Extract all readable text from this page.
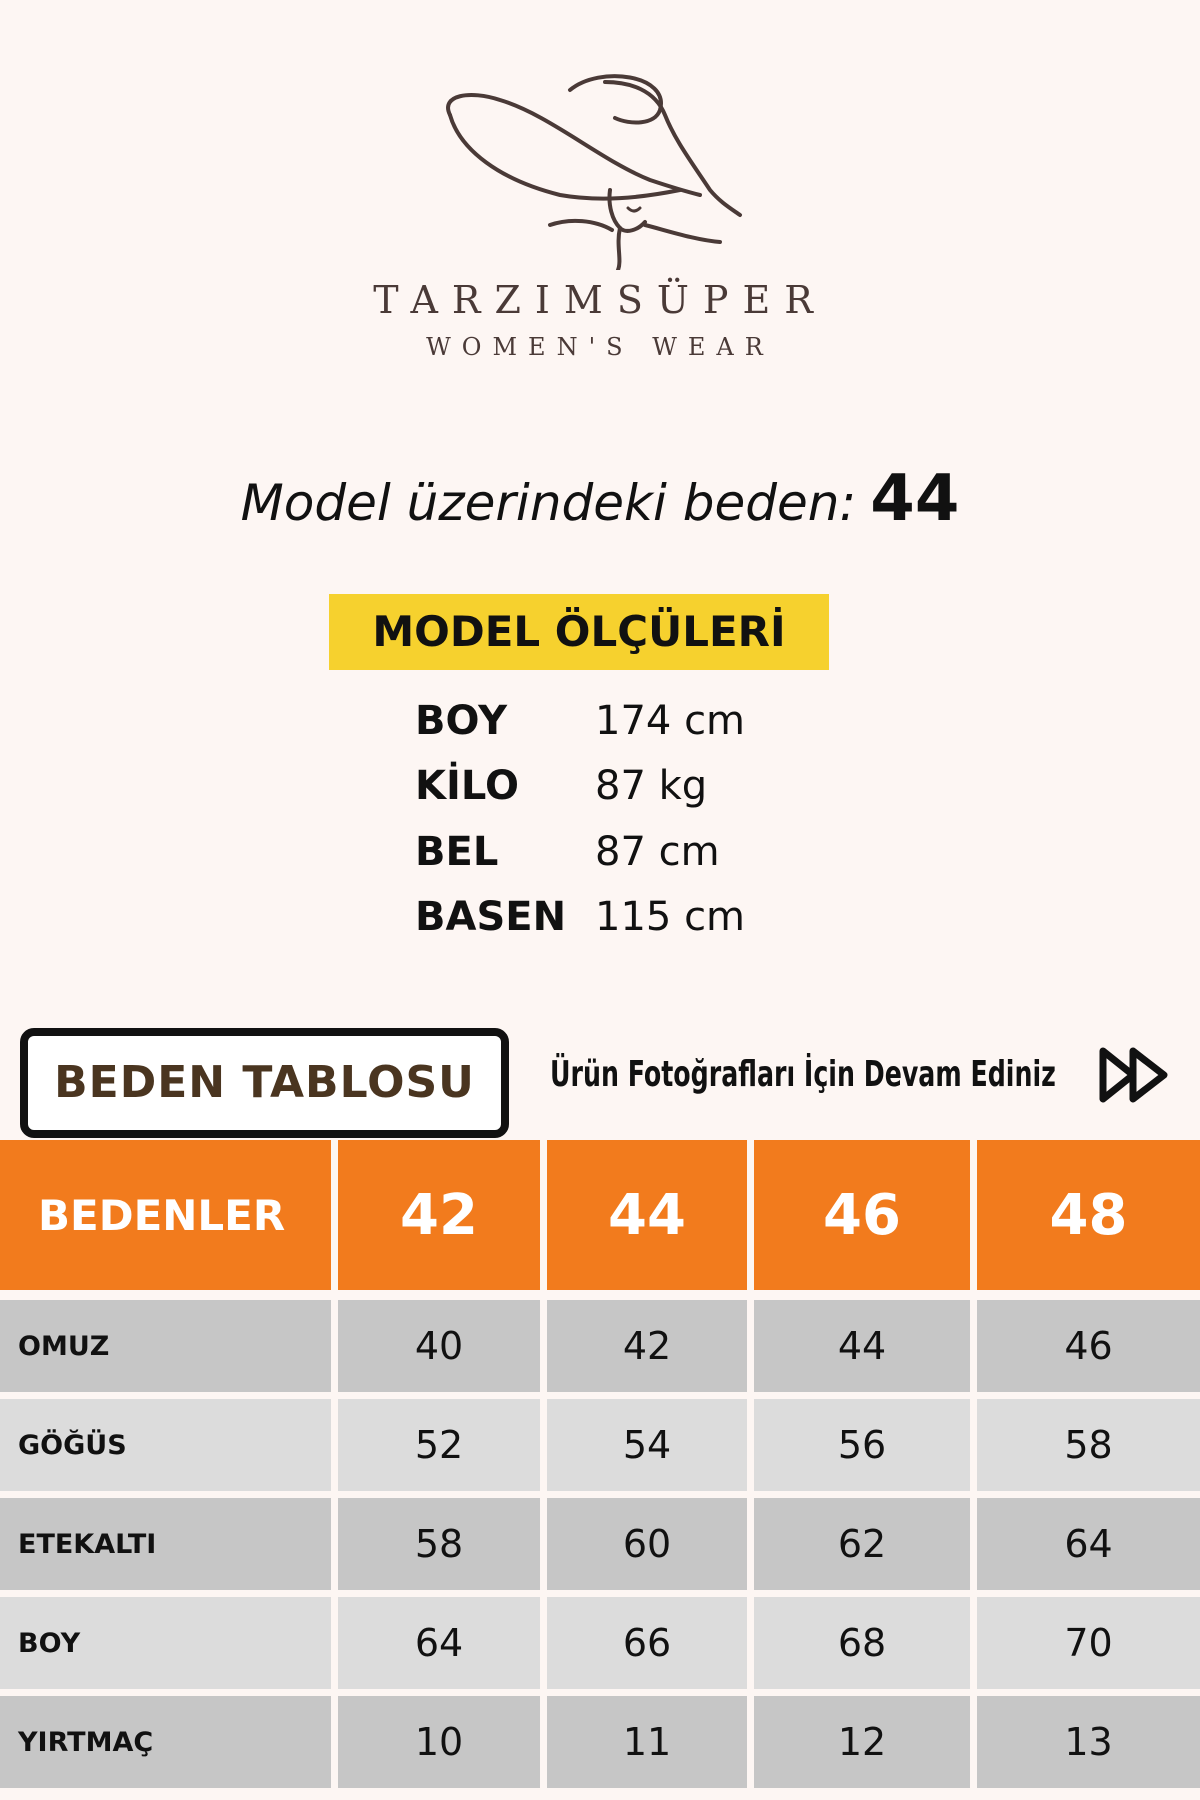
TARZIMSÜPER
WOMEN'S WEAR
Model üzerindeki beden: 44
MODEL ÖLÇÜLERİ
BOY 174 cm
KİLO 87 kg
BEL 87 cm
BASEN 115 cm
BEDEN TABLOSU	Ürün Fotoğrafları İçin Devam Ediniz
BEDENLER	42	44	46	48
OMUZ	40	42	44	46
GÖĞÜS	52	54	56	58
ETEKALTI	58	60	62	64
BOY	64	66	68	70
YIRTMAÇ	10	11	12	13
